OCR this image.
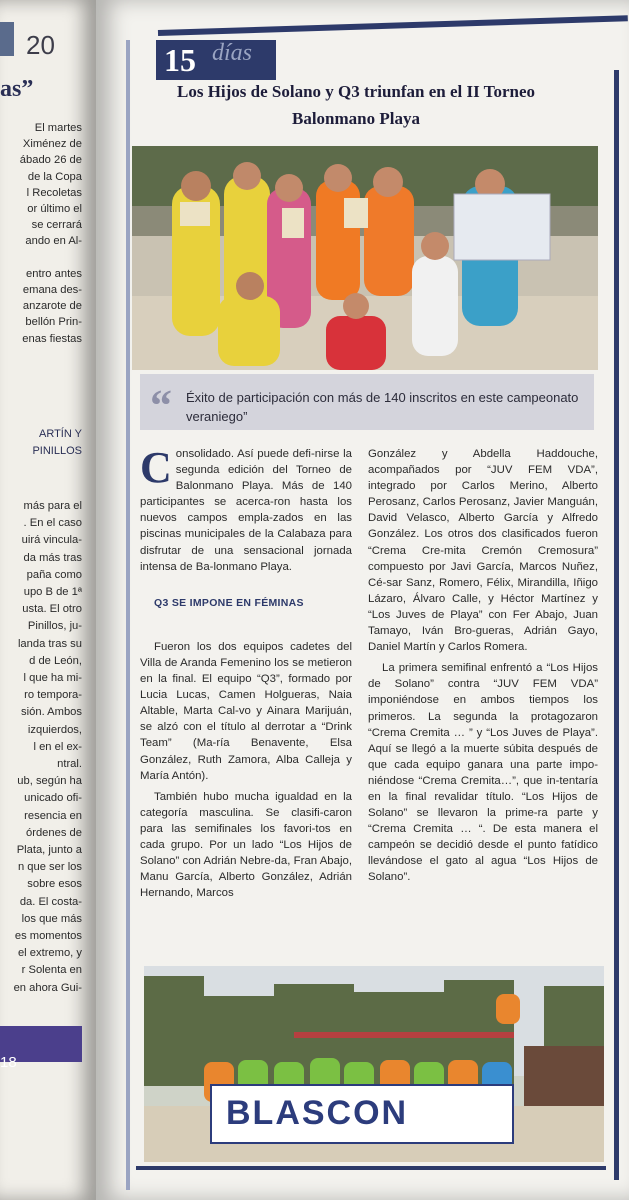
20
as”
El martes
Ximénez de
ábado 26 de
de la Copa
l Recoletas
or último el
se cerrará
ando en Al-
entro antes
emana des-
anzarote de
bellón Prin-
enas fiestas
ARTÍN Y
PINILLOS
más para el
. En el caso
uirá vincula-
da más tras
paña como
upo B de 1ª
usta. El otro
Pinillos, ju-
landa tras su
d de León,
l que ha mi-
ro tempora-
sión. Ambos
izquierdos,
l en el ex-
ntral.
ub, según ha
unicado ofi-
resencia en
órdenes de
Plata, junto a
n que ser los
sobre esos
da. El costa-
los que más
es momentos
el extremo, y
r Solenta en
en ahora Gui-
18
15 días
Los Hijos de Solano y Q3 triunfan en el II Torneo Balonmano Playa
“ Éxito de participación con más de 140 inscritos en este campeonato veraniego”

Consolidado. Así puede defi-nirse la segunda edición del Torneo de Balonmano Playa. Más de 140 participantes se acerca-ron hasta los nuevos campos empla-zados en las piscinas municipales de la Calabaza para disfrutar de una sensacional jornada intensa de Ba-lonmano Playa.

Q3 SE IMPONE EN FÉMINAS

Fueron los dos equipos cadetes del Villa de Aranda Femenino los se metieron en la final. El equipo “Q3”, formado por Lucia Lucas, Camen Holgueras, Naia Altable, Marta Cal-vo y Ainara Marijuán, se alzó con el título al derrotar a “Drink Team” (Ma-ría Benavente, Elsa González, Ruth Zamora, Alba Calleja y María Antón).

También hubo mucha igualdad en la categoría masculina. Se clasifi-caron para las semifinales los favori-tos en cada grupo. Por un lado “Los Hijos de Solano” con Adrián Nebre-da, Fran Abajo, Manu García, Alberto González, Adrián Hernando, Marcos

González y Abdella Haddouche, acompañados por “JUV FEM VDA”, integrado por Carlos Merino, Alberto Perosanz, Carlos Perosanz, Javier Manguán, David Velasco, Alberto García y Alfredo González. Los otros dos clasificados fueron “Crema Cre-mita Cremón Cremosura” compuesto por Javi García, Marcos Nuñez, Cé-sar Sanz, Romero, Félix, Mirandilla, Iñigo Lázaro, Álvaro Calle, y Héctor Martínez y “Los Juves de Playa” con Fer Abajo, Juan Tamayo, Iván Bro-gueras, Adrián Gayo, Daniel Martín y Carlos Romera.

La primera semifinal enfrentó a “Los Hijos de Solano” contra “JUV FEM VDA” imponiéndose en ambos tiempos los primeros. La segunda la protagozaron “Crema Cremita … ” y “Los Juves de Playa”. Aquí se llegó a la muerte súbita después de que cada equipo ganara una parte impo-niéndose “Crema Cremita…”, que in-tentaría en la final revalidar título. “Los Hijos de Solano” se llevaron la prime-ra parte y “Crema Cremita … “. De esta manera el campeón se decidió desde el punto fatídico llevándose el gato al agua “Los Hijos de Solano”.

BLASCON
